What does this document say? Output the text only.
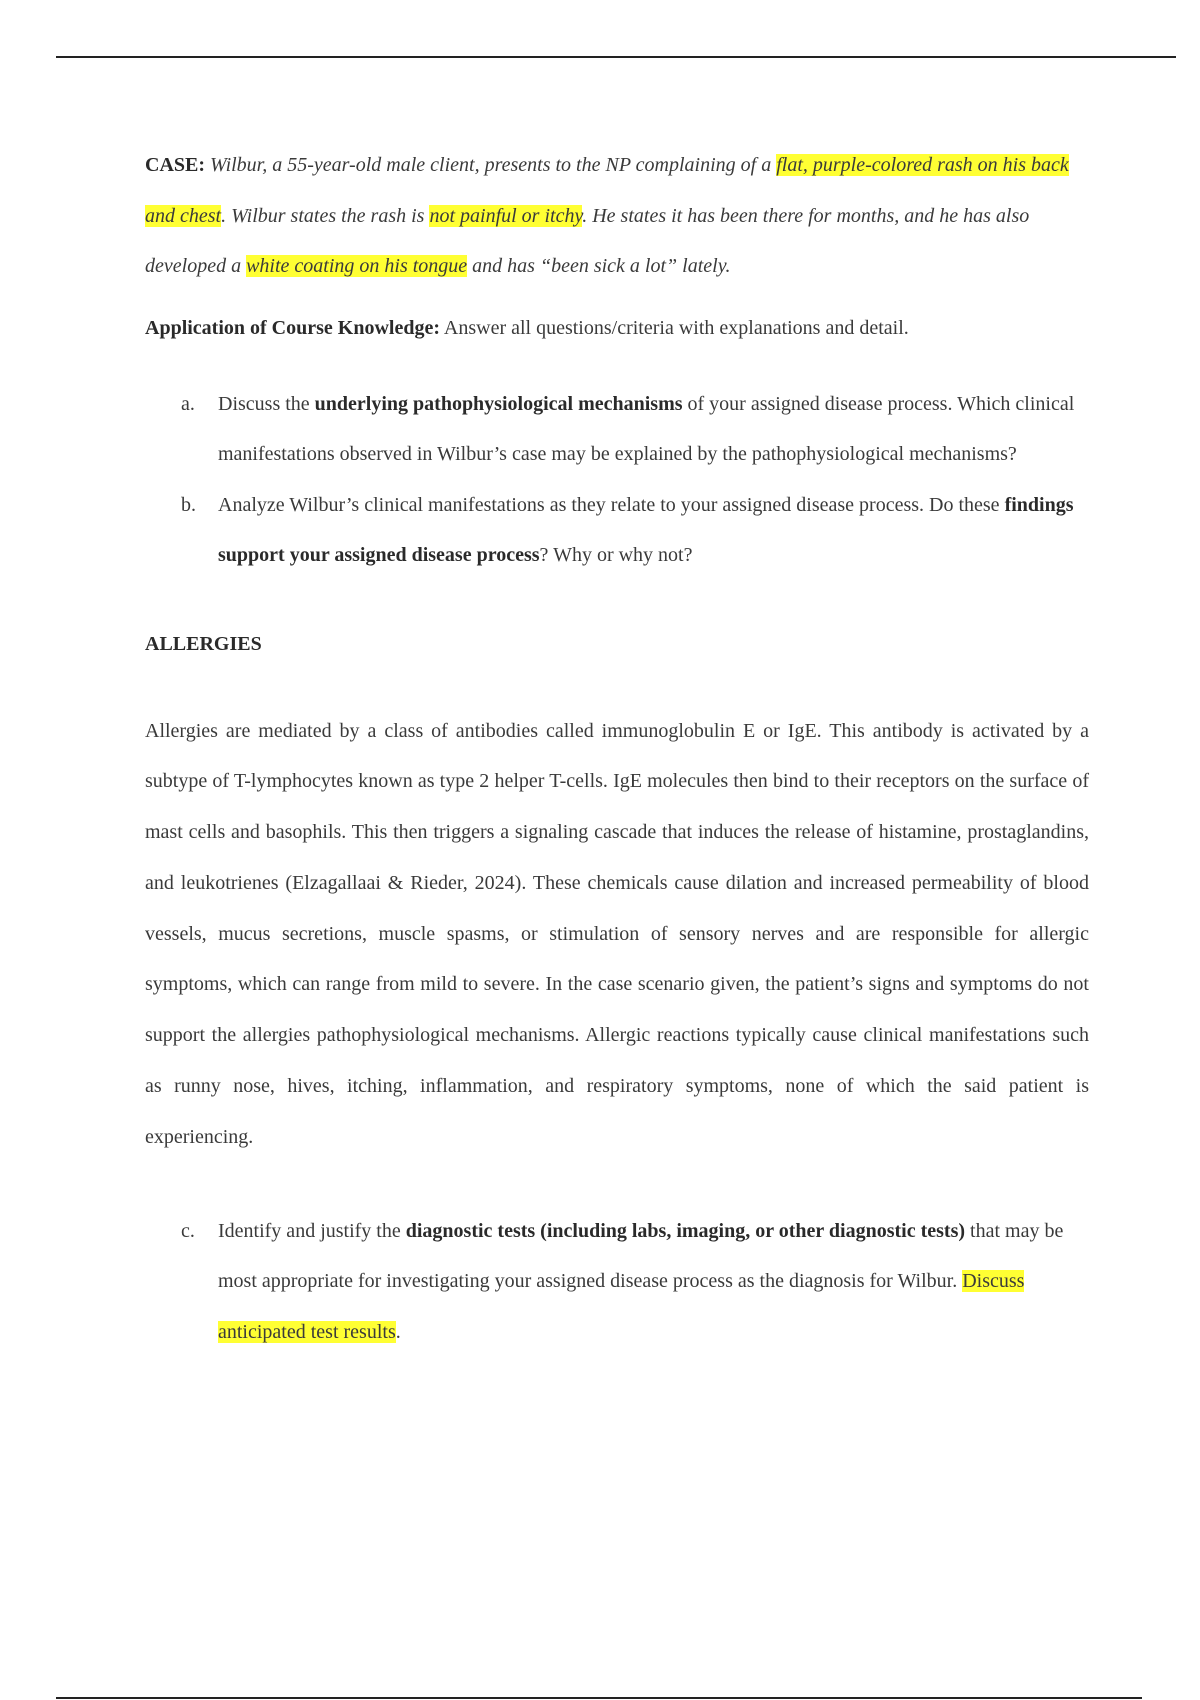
CASE: Wilbur, a 55-year-old male client, presents to the NP complaining of a flat, purple-colored rash on his back and chest. Wilbur states the rash is not painful or itchy. He states it has been there for months, and he has also developed a white coating on his tongue and has “been sick a lot” lately.

Application of Course Knowledge: Answer all questions/criteria with explanations and detail.

a. Discuss the underlying pathophysiological mechanisms of your assigned disease process. Which clinical manifestations observed in Wilbur’s case may be explained by the pathophysiological mechanisms?
b. Analyze Wilbur’s clinical manifestations as they relate to your assigned disease process. Do these findings support your assigned disease process? Why or why not?

ALLERGIES

Allergies are mediated by a class of antibodies called immunoglobulin E or IgE. This antibody is activated by a subtype of T-lymphocytes known as type 2 helper T-cells. IgE molecules then bind to their receptors on the surface of mast cells and basophils. This then triggers a signaling cascade that induces the release of histamine, prostaglandins, and leukotrienes (Elzagallaai & Rieder, 2024). These chemicals cause dilation and increased permeability of blood vessels, mucus secretions, muscle spasms, or stimulation of sensory nerves and are responsible for allergic symptoms, which can range from mild to severe. In the case scenario given, the patient’s signs and symptoms do not support the allergies pathophysiological mechanisms. Allergic reactions typically cause clinical manifestations such as runny nose, hives, itching, inflammation, and respiratory symptoms, none of which the said patient is experiencing.

c. Identify and justify the diagnostic tests (including labs, imaging, or other diagnostic tests) that may be most appropriate for investigating your assigned disease process as the diagnosis for Wilbur. Discuss anticipated test results.
